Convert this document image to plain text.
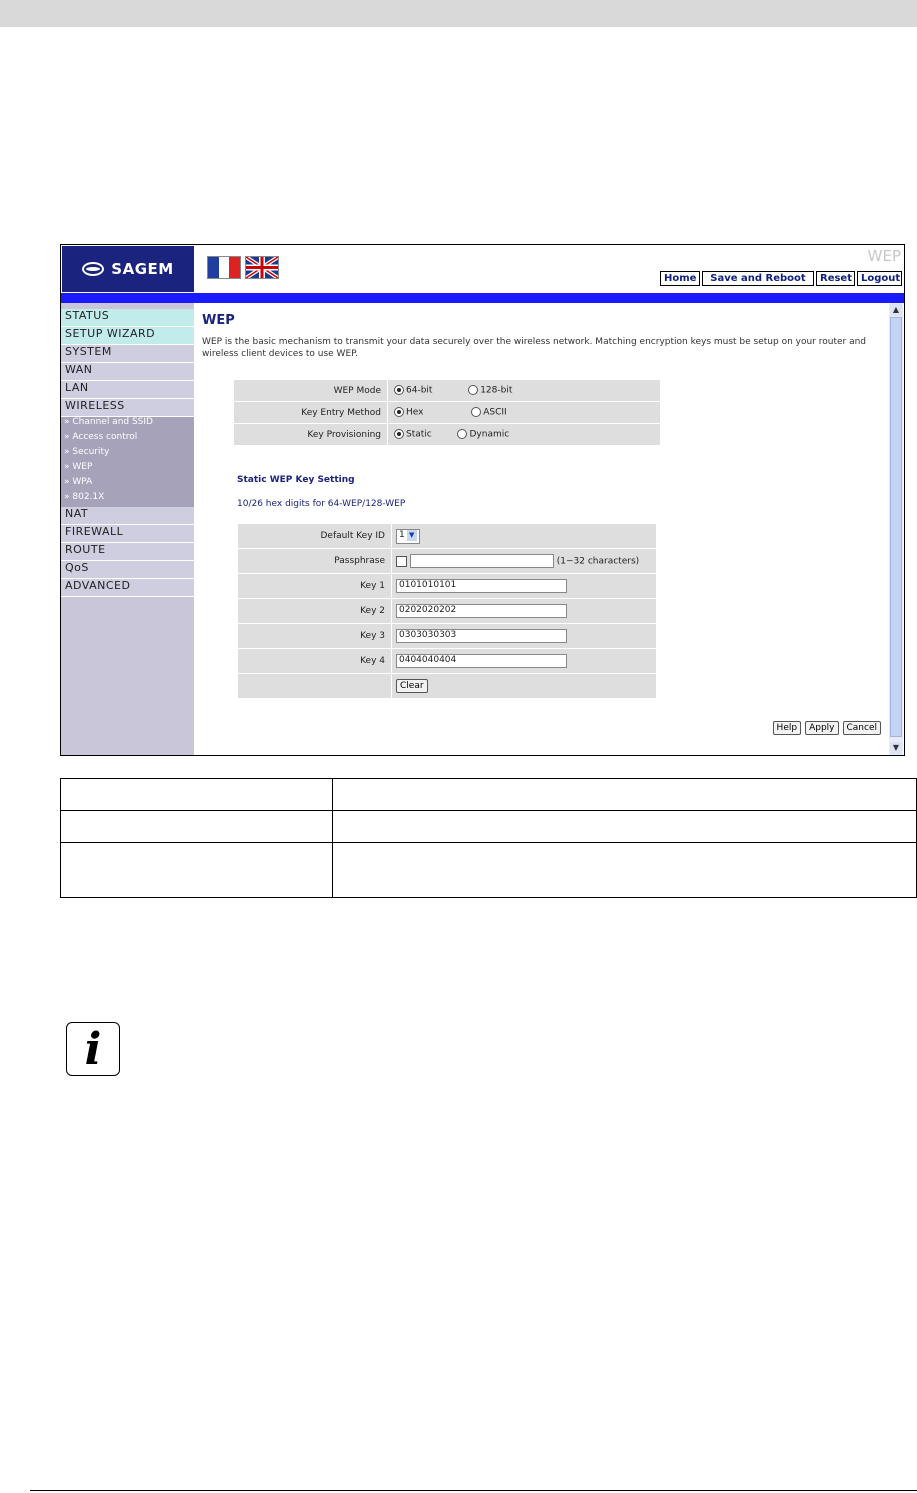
SAGEM
WEP
Home	Save and Reboot	Reset Logout
STATUS
SETUP WIZARD
SYSTEM
WAN
LAN
WIRELESS
» Channel and SSID
» Access control
» Security
» WEP
» WPA
» 802.1X
NAT
FIREWALL
ROUTE
QoS
ADVANCED
WEP
WEP is the basic mechanism to transmit your data securely over the wireless network. Matching encryption keys must be setup on your router and wireless client devices to use WEP.
WEP Mode	64-bit 128-bit
Key Entry Method	Hex ASCII
Key Provisioning	Static Dynamic
Static WEP Key Setting
10/26 hex digits for 64-WEP/128-WEP
Default Key ID	1 ▼
Passphrase	(1~32 characters)
Key 1	0101010101
Key 2	0202020202
Key 3	0303030303
Key 4	0404040404
	Clear
Help	Apply	Cancel
▲
▼

i
